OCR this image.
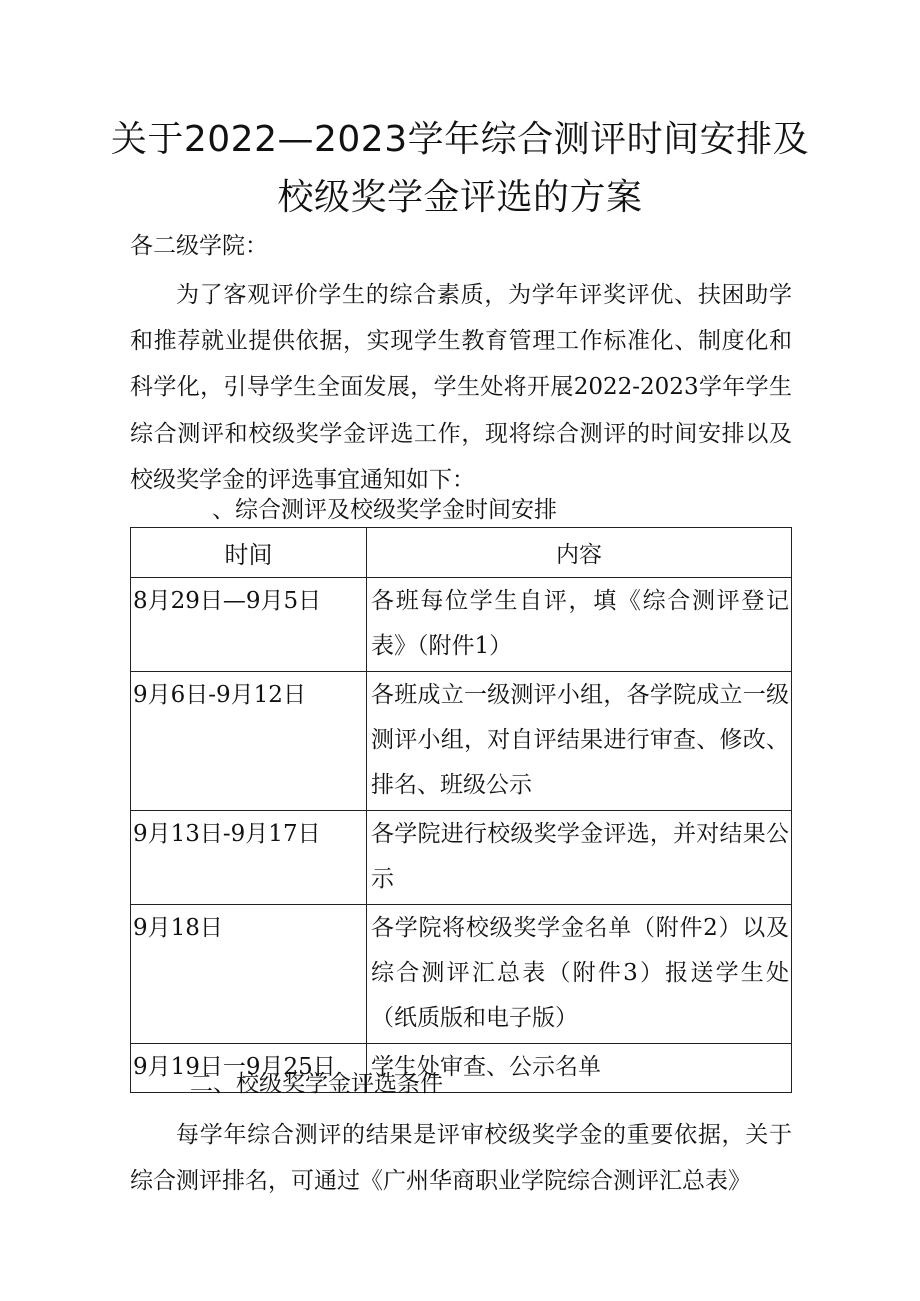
关于2022—2023学年综合测评时间安排及
校级奖学金评选的方案

各二级学院：

为了客观评价学生的综合素质，为学年评奖评优、扶困助学和推荐就业提供依据，实现学生教育管理工作标准化、制度化和科学化，引导学生全面发展，学生处将开展2022-2023学年学生综合测评和校级奖学金评选工作，现将综合测评的时间安排以及校级奖学金的评选事宜通知如下：

、综合测评及校级奖学金时间安排

时间	内容
8月29日—9月5日	各班每位学生自评，填《综合测评登记表》（附件1）
9月6日-9月12日	各班成立一级测评小组，各学院成立一级测评小组，对自评结果进行审查、修改、排名、班级公示
9月13日-9月17日	各学院进行校级奖学金评选，并对结果公示
9月18日	各学院将校级奖学金名单（附件2）以及综合测评汇总表（附件3）报送学生处（纸质版和电子版）
9月19日一9月25日	学生处审查、公示名单

二、校级奖学金评选条件

每学年综合测评的结果是评审校级奖学金的重要依据，关于综合测评排名，可通过《广州华商职业学院综合测评汇总表》
